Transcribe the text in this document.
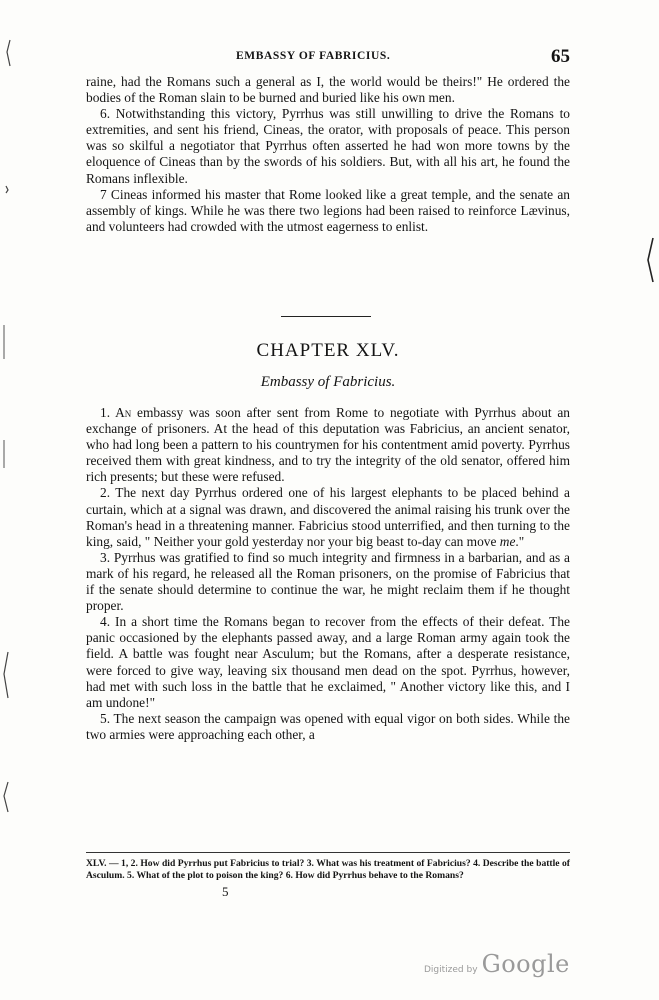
EMBASSY OF FABRICIUS.	65

raine, had the Romans such a general as I, the world would be theirs!" He ordered the bodies of the Roman slain to be burned and buried like his own men.

6. Notwithstanding this victory, Pyrrhus was still unwilling to drive the Romans to extremities, and sent his friend, Cineas, the orator, with proposals of peace. This person was so skilful a negotiator that Pyrrhus often asserted he had won more towns by the eloquence of Cineas than by the swords of his soldiers. But, with all his art, he found the Romans inflexible.

7 Cineas informed his master that Rome looked like a great temple, and the senate an assembly of kings. While he was there two legions had been raised to reinforce Lævinus, and volunteers had crowded with the utmost eagerness to enlist.

CHAPTER XLV.
Embassy of Fabricius.

1. An embassy was soon after sent from Rome to negotiate with Pyrrhus about an exchange of prisoners. At the head of this deputation was Fabricius, an ancient senator, who had long been a pattern to his countrymen for his contentment amid poverty. Pyrrhus received them with great kindness, and to try the integrity of the old senator, offered him rich presents; but these were refused.

2. The next day Pyrrhus ordered one of his largest elephants to be placed behind a curtain, which at a signal was drawn, and discovered the animal raising his trunk over the Roman's head in a threatening manner. Fabricius stood unterrified, and then turning to the king, said, " Neither your gold yesterday nor your big beast to-day can move me."

3. Pyrrhus was gratified to find so much integrity and firmness in a barbarian, and as a mark of his regard, he released all the Roman prisoners, on the promise of Fabricius that if the senate should determine to continue the war, he might reclaim them if he thought proper.

4. In a short time the Romans began to recover from the effects of their defeat. The panic occasioned by the elephants passed away, and a large Roman army again took the field. A battle was fought near Asculum; but the Romans, after a desperate resistance, were forced to give way, leaving six thousand men dead on the spot. Pyrrhus, however, had met with such loss in the battle that he exclaimed, " Another victory like this, and I am undone!"

5. The next season the campaign was opened with equal vigor on both sides. While the two armies were approaching each other, a

XLV. — 1, 2. How did Pyrrhus put Fabricius to trial? 3. What was his treatment of Fabricius? 4. Describe the battle of Asculum. 5. What of the plot to poison the king? 6. How did Pyrrhus behave to the Romans?
5
Digitized by Google
